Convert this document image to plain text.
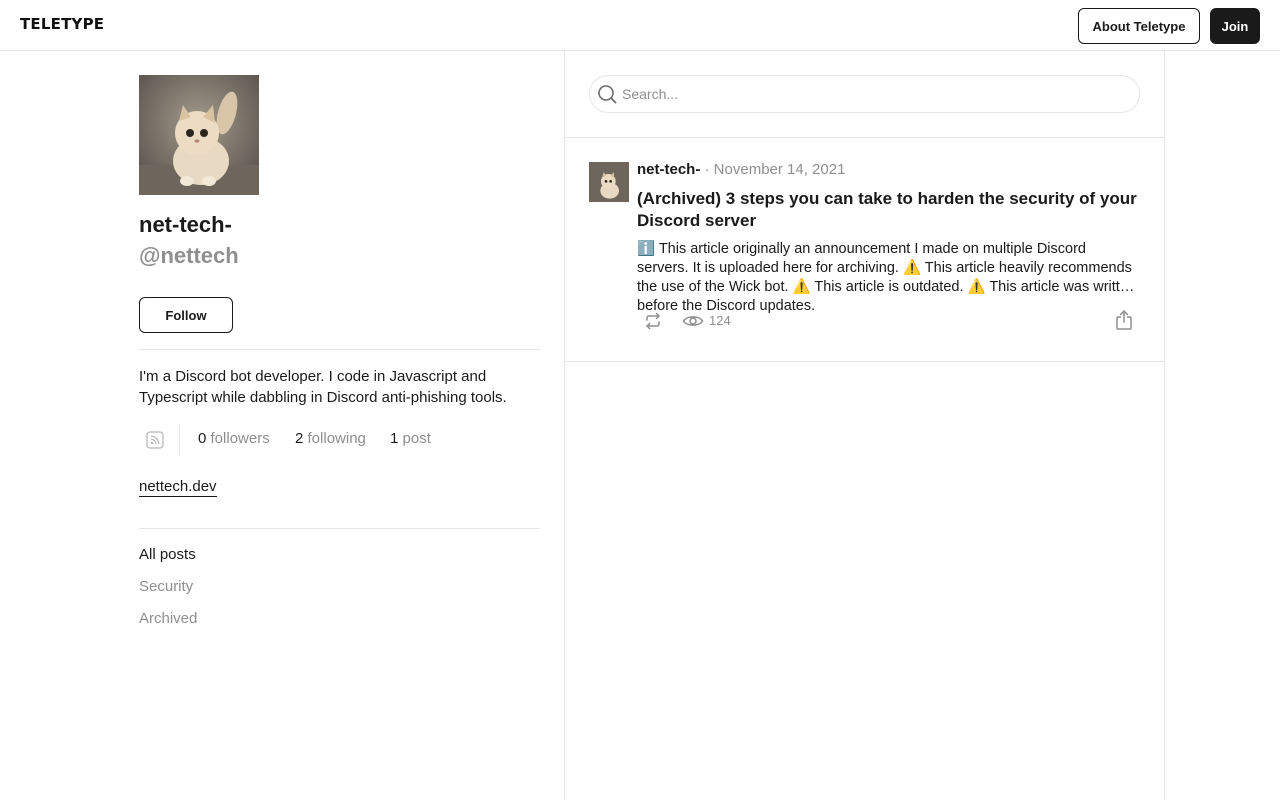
TELETYPE	About Teletype	Join
net-tech-
@nettech
Follow
I'm a Discord bot developer. I code in Javascript and Typescript while dabbling in Discord anti-phishing tools.
0 followers 2 following 1 post
nettech.dev
All posts
Security
Archived
Search...
net-tech- · November 14, 2021
(Archived) 3 steps you can take to harden the security of your Discord server
ℹ️ This article originally an announcement I made on multiple Discord servers. It is uploaded here for archiving. ⚠️ This article heavily recommends the use of the Wick bot. ⚠️ This article is outdated. ⚠️ This article was written before the Discord updates.
124
